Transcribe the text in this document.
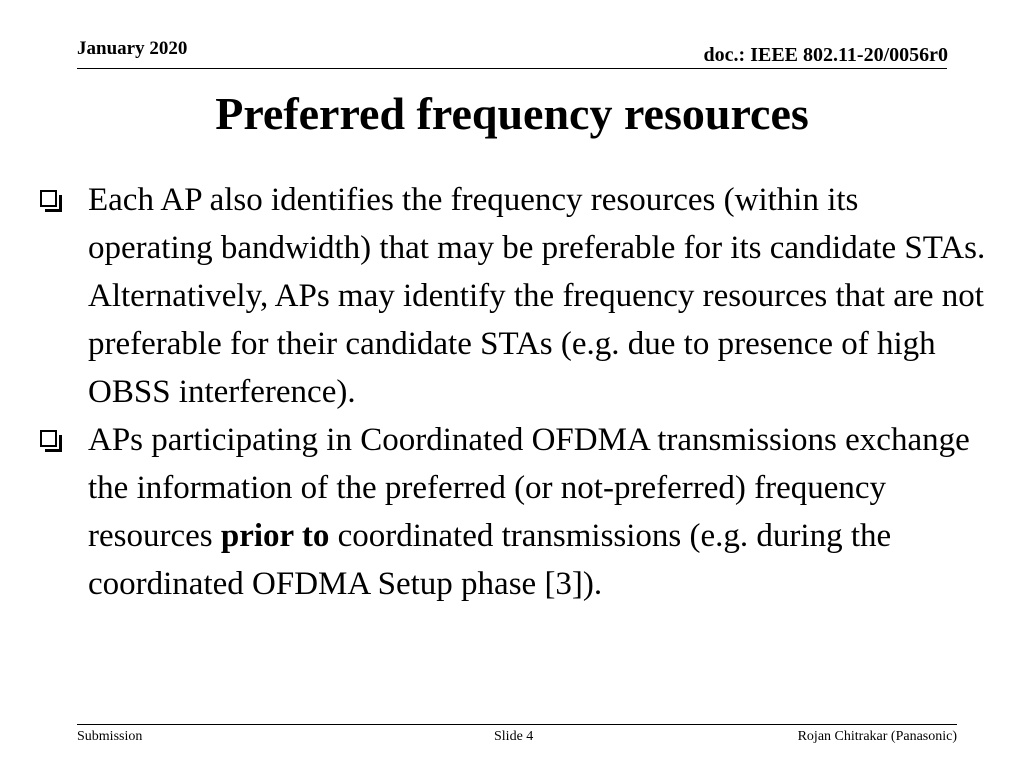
January 2020	doc.: IEEE 802.11-20/0056r0
Preferred frequency resources
Each AP also identifies the frequency resources (within its operating bandwidth) that may be preferable for its candidate STAs. Alternatively, APs may identify the frequency resources that are not preferable for their candidate STAs (e.g. due to presence of high OBSS interference).
APs participating in Coordinated OFDMA transmissions exchange the information of the preferred (or not-preferred) frequency resources prior to coordinated transmissions (e.g. during the coordinated OFDMA Setup phase [3]).
Submission	Slide 4	Rojan Chitrakar (Panasonic)
